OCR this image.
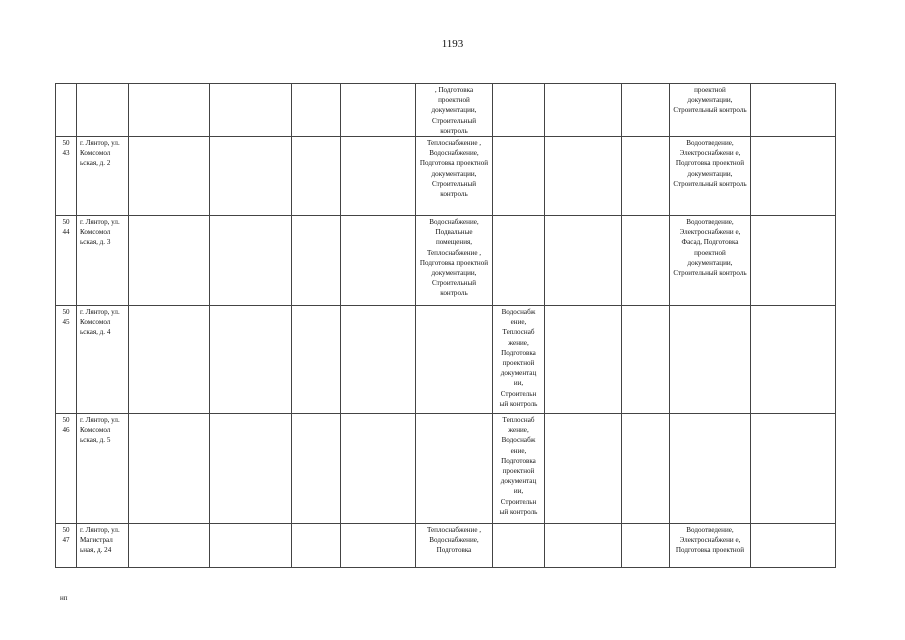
1193
						, Подготовка проектной документации, Строительный контроль				проектной документации, Строительный контроль	
50 43	г. Лянтор, ул. Комсомол ьская, д. 2					Теплоснабжение , Водоснабжение, Подготовка проектной документации, Строительный контроль				Водоотведение, Электроснабжени е, Подготовка проектной документации, Строительный контроль	
50 44	г. Лянтор, ул. Комсомол ьская, д. 3					Водоснабжение, Подвальные помещения, Теплоснабжение , Подготовка проектной документации, Строительный контроль				Водоотведение, Электроснабжени е, Фасад, Подготовка проектной документации, Строительный контроль	
50 45	г. Лянтор, ул. Комсомол ьская, д. 4						Водоснабж ение, Теплоснаб жение, Подготовка проектной документац ии, Строительн ый контроль				
50 46	г. Лянтор, ул. Комсомол ьская, д. 5						Теплоснаб жение, Водоснабж ение, Подготовка проектной документац ии, Строительн ый контроль				
50 47	г. Лянтор, ул. Магистрал ьная, д. 24					Теплоснабжение , Водоснабжение, Подготовка				Водоотведение, Электроснабжени е, Подготовка проектной	
нп
